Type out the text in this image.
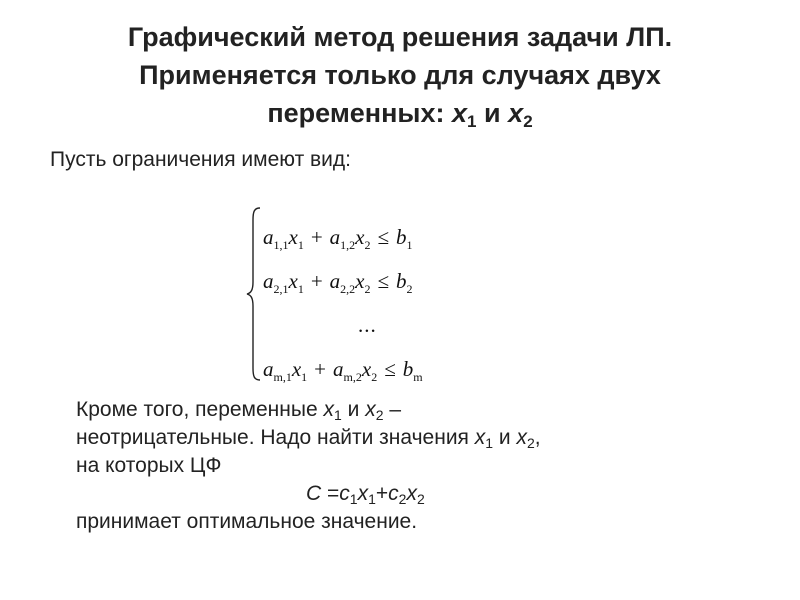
Графический метод решения задачи ЛП.
Применяется только для случаях двух
переменных: $x_1$ и $x_2$
Пусть ограничения имеют вид:
$a_{1,1}x_1 + a_{1,2}x_2 \le b_1$
$a_{2,1}x_1 + a_{2,2}x_2 \le b_2$
...
$a_{m,1}x_1 + a_{m,2}x_2 \le b_m$
Кроме того, переменные $x_1$ и $x_2$ –
неотрицательные. Надо найти значения $x_1$ и $x_2$,
на которых ЦФ
$C =c_1x_1+c_2x_2$
принимает оптимальное значение.
